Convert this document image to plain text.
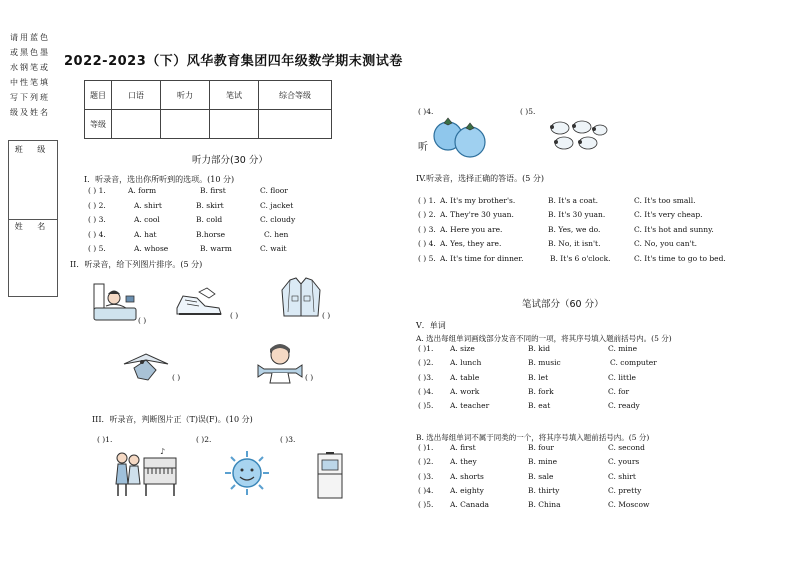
请用蓝色
或黑色墨
水钢笔或
中性笔填
写下列班
级及姓名
班 级
姓 名
2022-2023（下）风华教育集团四年级数学期末测试卷
题目	口语	听力	笔试	综合等级
等级				
听力部分(30 分）
I．听录音，选出你所听到的选项。(10 分)
( ) 1.	A. form	B. first	C. floor
( ) 2.	A. shirt	B. skirt	C. jacket
( ) 3.	A. cool	B. cold	C. cloudy
( ) 4.	A. hat	B.horse	C. hen
( ) 5.	A. whose	B. warm	C. wait
II．听录音，给下列图片排序。(5 分)
( )
( )	( )
( )	( )
III．听录音，判断图片正（T)误(F)。(10 分)
( )1.	( )2.	( )3.
♪
( )4.	( )5.
听
IV.听录音，选择正确的答语。(5 分)
( ) 1. A. It's my brother's.	B. It's a coat.	C. It's too small.
( ) 2. A. They're 30 yuan.	B. It's 30 yuan.	C. It's very cheap.
( ) 3. A. Here you are.	B. Yes, we do.	C. It's hot and sunny.
( ) 4. A. Yes, they are.	B. No, it isn't.	C. No, you can't.
( ) 5. A. It's time for dinner.	B. It's 6 o'clock.	C. It's time to go to bed.
笔试部分（60 分）
V．单词
A. 选出每组单词画线部分发音不同的一项，将其序号填入题前括号内。(5 分)
( )1. A. size	B. kid	C. mine
( )2. A. lunch	B. music	C. computer
( )3. A. table	B. let	C. little
( )4. A. work	B. fork	C. for
( )5. A. teacher	B. eat	C. ready
B. 选出每组单词不属于同类的一个，将其序号填入题前括号内。(5 分)
( )1. A. first	B. four	C. second
( )2. A. they	B. mine	C. yours
( )3. A. shorts	B. sale	C. shirt
( )4. A. eighty	B. thirty	C. pretty
( )5. A. Canada	B. China	C. Moscow
